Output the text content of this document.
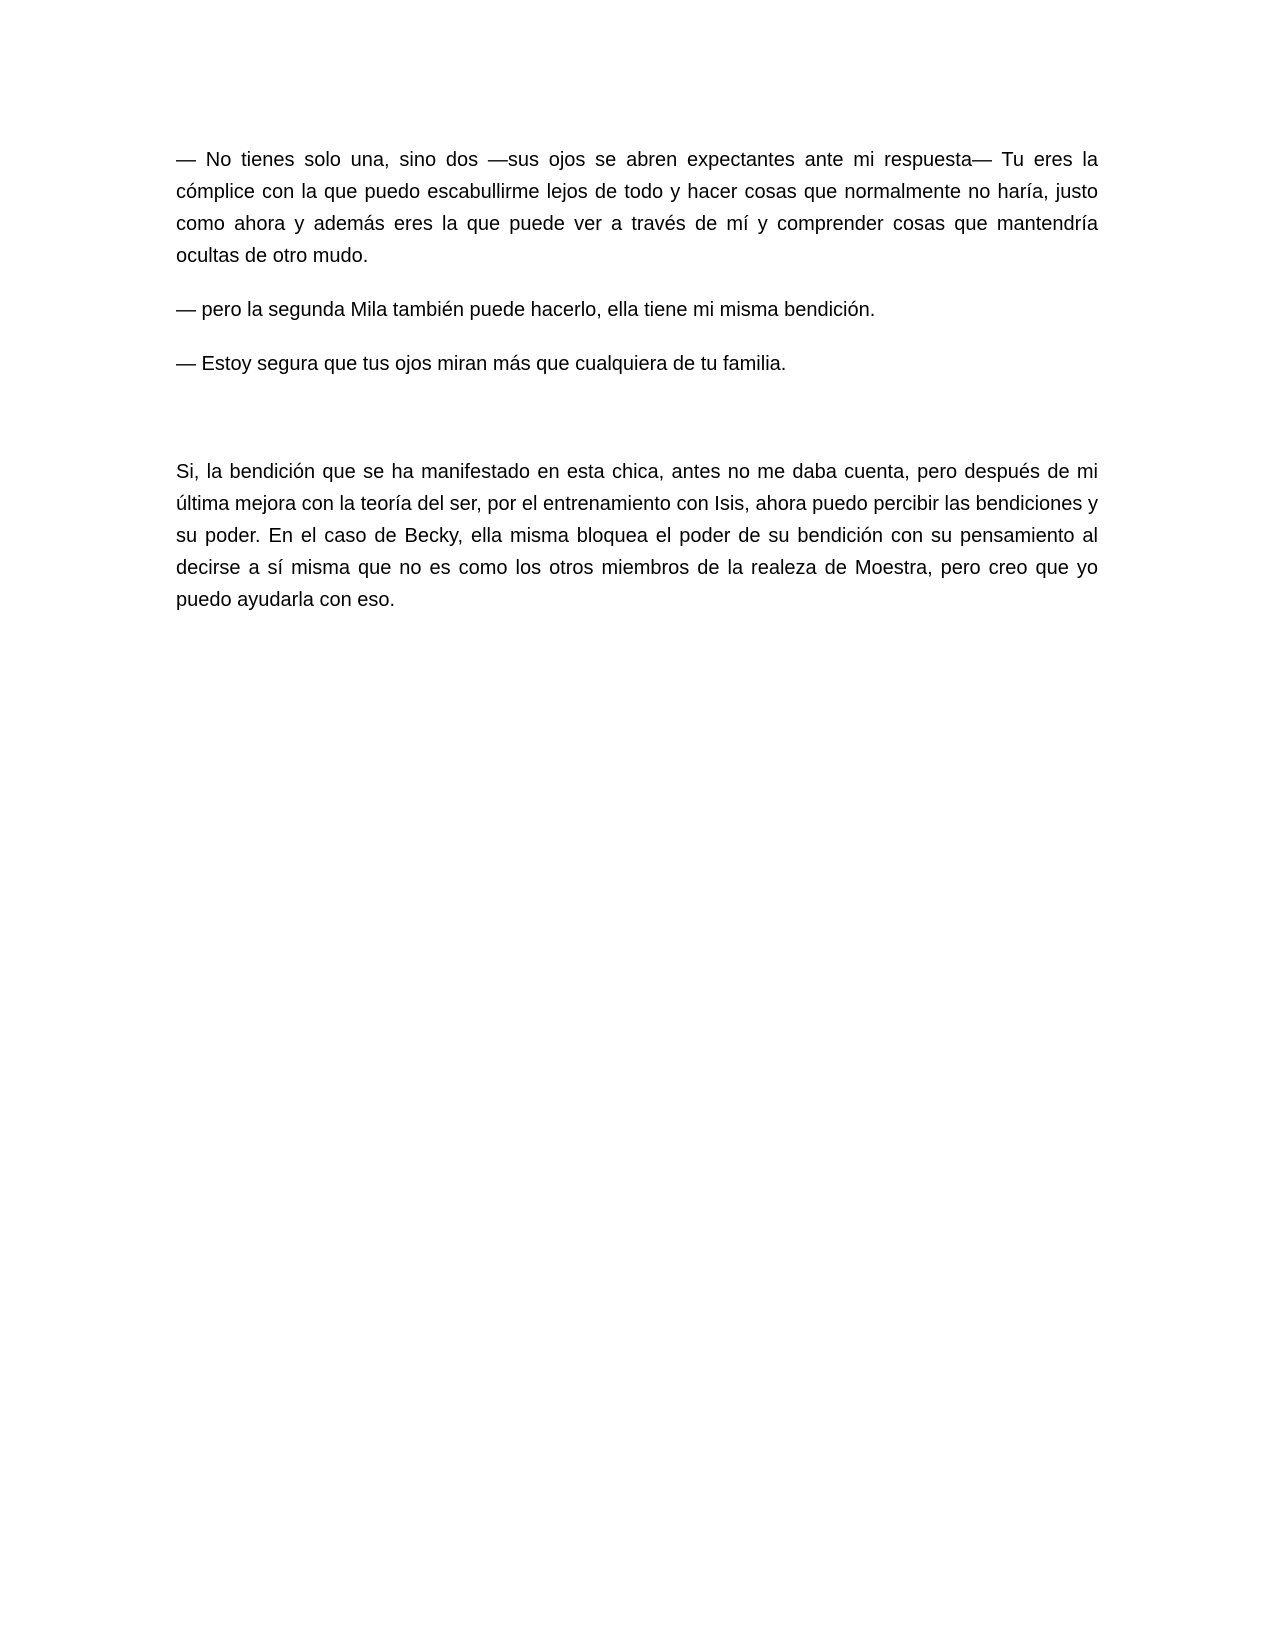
— No tienes solo una, sino dos —sus ojos se abren expectantes ante mi respuesta— Tu eres la cómplice con la que puedo escabullirme lejos de todo y hacer cosas que normalmente no haría, justo como ahora y además eres la que puede ver a través de mí y comprender cosas que mantendría ocultas de otro mudo.

— pero la segunda Mila también puede hacerlo, ella tiene mi misma bendición.

— Estoy segura que tus ojos miran más que cualquiera de tu familia.

Si, la bendición que se ha manifestado en esta chica, antes no me daba cuenta, pero después de mi última mejora con la teoría del ser, por el entrenamiento con Isis, ahora puedo percibir las bendiciones y su poder. En el caso de Becky, ella misma bloquea el poder de su bendición con su pensamiento al decirse a sí misma que no es como los otros miembros de la realeza de Moestra, pero creo que yo puedo ayudarla con eso.
